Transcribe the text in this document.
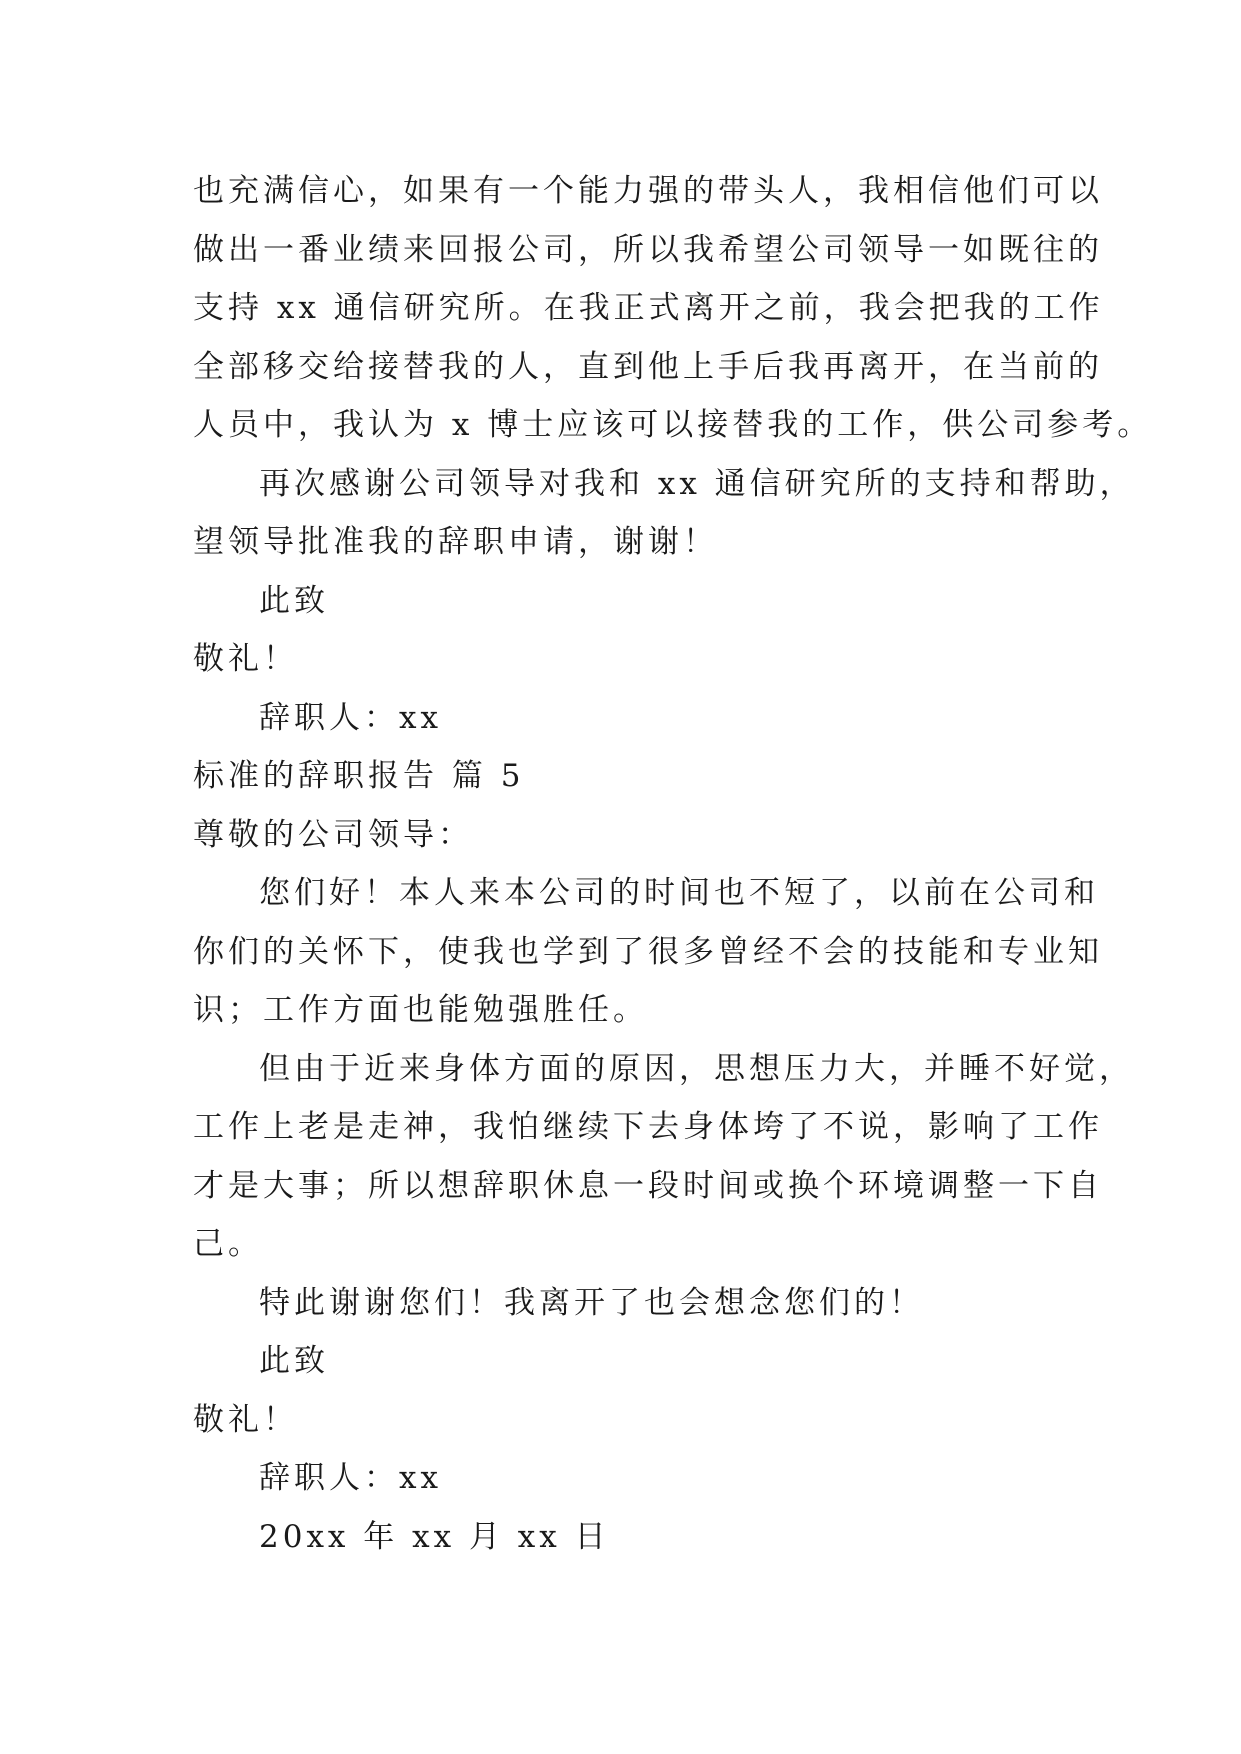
也充满信心，如果有一个能力强的带头人，我相信他们可以
做出一番业绩来回报公司，所以我希望公司领导一如既往的
支持 xx 通信研究所。在我正式离开之前，我会把我的工作
全部移交给接替我的人，直到他上手后我再离开，在当前的
人员中，我认为 x 博士应该可以接替我的工作，供公司参考。
再次感谢公司领导对我和 xx 通信研究所的支持和帮助，
望领导批准我的辞职申请，谢谢！
此致
敬礼！
辞职人：xx
标准的辞职报告 篇 5
尊敬的公司领导：
您们好！本人来本公司的时间也不短了，以前在公司和
你们的关怀下，使我也学到了很多曾经不会的技能和专业知
识；工作方面也能勉强胜任。
但由于近来身体方面的原因，思想压力大，并睡不好觉，
工作上老是走神，我怕继续下去身体垮了不说，影响了工作
才是大事；所以想辞职休息一段时间或换个环境调整一下自
己。
特此谢谢您们！我离开了也会想念您们的！
此致
敬礼！
辞职人：xx
20xx 年 xx 月 xx 日
